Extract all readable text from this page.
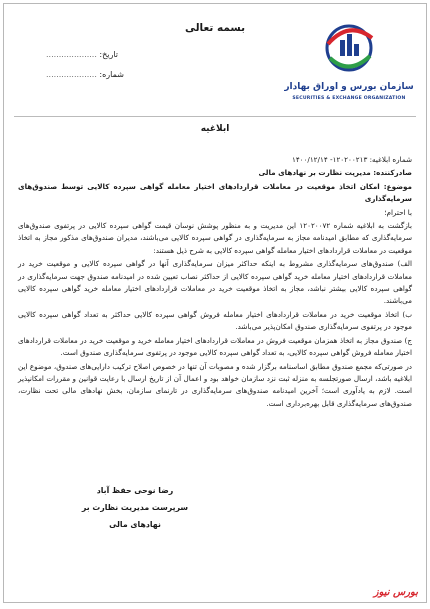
بسمه تعالی
تاریخ: ....................
شماره: ....................
سازمان بورس و اوراق بهادار
SECURITIES & EXCHANGE ORGANIZATION
ابلاغیه

شماره ابلاغیه: ۱۲۰۲۰۰۲۱۳- ۱۴۰۰/۱۲/۱۴

صادرکننده: مدیریت نظارت بر نهادهای مالی

موضوع: امکان اتخاذ موقعیت در معاملات قراردادهای اختیار معامله گواهی سپرده کالایی توسط صندوق‌های سرمایه‌گذاری

با احترام؛

بازگشت به ابلاغیه شماره ۱۲۰۲۰۰۷۲ این مدیریت و به منظور پوشش نوسان قیمت گواهی سپرده کالایی در پرتفوی صندوق‌های سرمایه‌گذاری که مطابق امیدنامه مجاز به سرمایه‌گذاری در گواهی سپرده کالایی می‌باشند، مدیران صندوق‌های مذکور مجاز به اتخاذ موقعیت در معاملات قراردادهای اختیار معامله گواهی سپرده کالایی به شرح ذیل هستند:

الف) صندوق‌های سرمایه‌گذاری مشروط به اینکه حداکثر میزان سرمایه‌گذاری آنها در گواهی سپرده کالایی و موقعیت خرید در معاملات قراردادهای اختیار معامله خرید گواهی سپرده کالایی از حداکثر نصاب تعیین شده در امیدنامه صندوق جهت سرمایه‌گذاری در گواهی سپرده کالایی بیشتر نباشد، مجاز به اتخاذ موقعیت خرید در معاملات قراردادهای اختیار معامله خرید گواهی سپرده کالایی می‌باشند.

ب) اتخاذ موقعیت خرید در معاملات قراردادهای اختیار معامله فروش گواهی سپرده کالایی حداکثر به تعداد گواهی سپرده کالایی موجود در پرتفوی سرمایه‌گذاری صندوق امکان‌پذیر می‌باشد.

ج) صندوق مجاز به اتخاذ همزمان موقعیت فروش در معاملات قراردادهای اختیار معامله خرید و موقعیت خرید در معاملات قراردادهای اختیار معامله فروش گواهی سپرده کالایی، به تعداد گواهی سپرده کالایی موجود در پرتفوی سرمایه‌گذاری صندوق است.

در صورتی‌که مجمع صندوق مطابق اساسنامه برگزار شده و مصوبات آن تنها در خصوص اصلاح ترکیب دارایی‌های صندوق، موضوع این ابلاغیه باشد، ارسال صورتجلسه به منزله ثبت نزد سازمان خواهد بود و اعمال آن از تاریخ ارسال با رعایت قوانین و مقررات امکانپذیر است. لازم به یادآوری است؛ آخرین امیدنامه صندوق‌های سرمایه‌گذاری در تارنمای سازمان، بخش نهادهای مالی تحت نظارت، صندوق‌های سرمایه‌گذاری قابل بهره‌برداری است.

رضا نوحی حفظ آباد
سرپرست مدیریت نظارت بر نهادهای مالی
بورس نیوز
